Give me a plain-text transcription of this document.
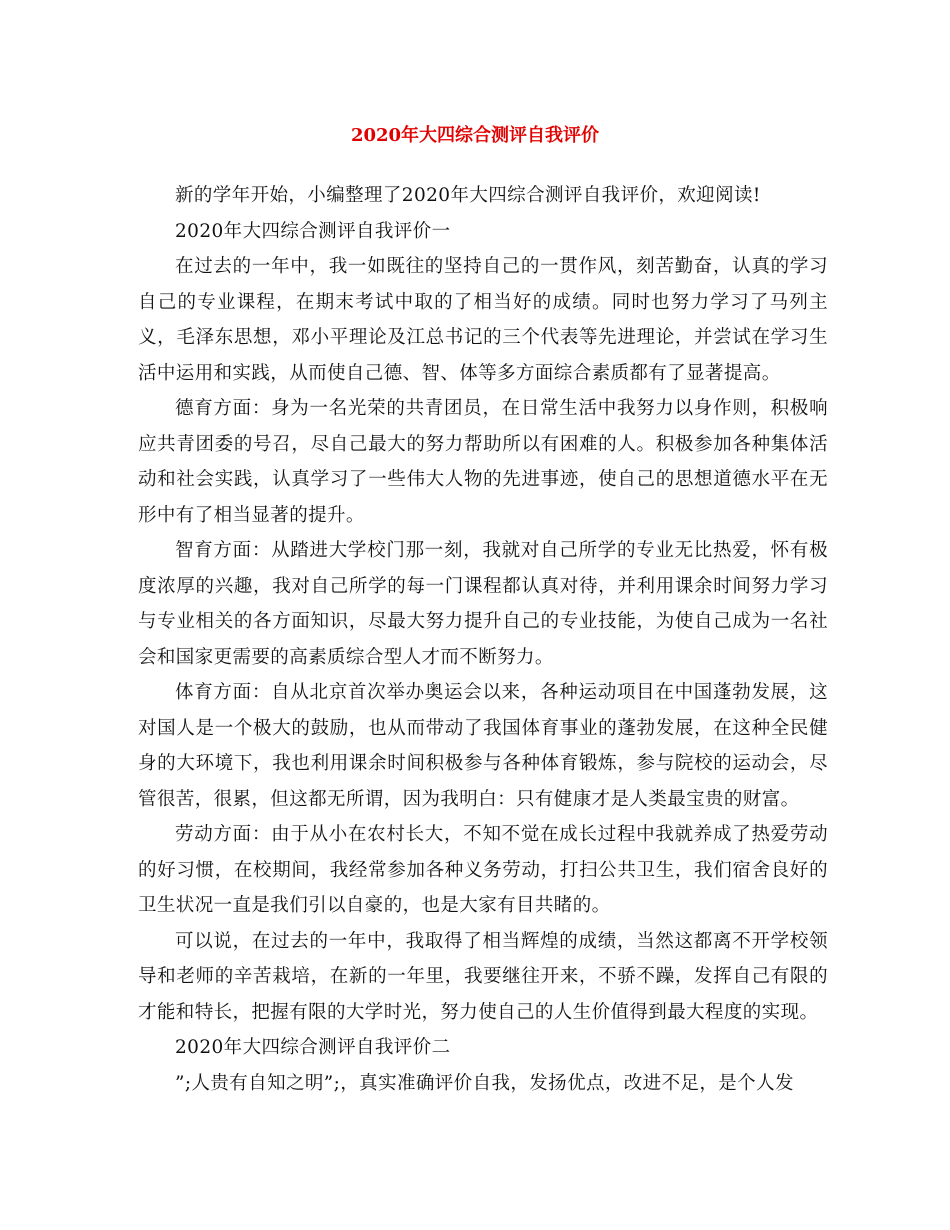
2020年大四综合测评自我评价

新的学年开始，小编整理了2020年大四综合测评自我评价，欢迎阅读!

2020年大四综合测评自我评价一

在过去的一年中，我一如既往的坚持自己的一贯作风，刻苦勤奋，认真的学习自己的专业课程，在期末考试中取的了相当好的成绩。同时也努力学习了马列主义，毛泽东思想，邓小平理论及江总书记的三个代表等先进理论，并尝试在学习生活中运用和实践，从而使自己德、智、体等多方面综合素质都有了显著提高。

德育方面：身为一名光荣的共青团员，在日常生活中我努力以身作则，积极响应共青团委的号召，尽自己最大的努力帮助所以有困难的人。积极参加各种集体活动和社会实践，认真学习了一些伟大人物的先进事迹，使自己的思想道德水平在无形中有了相当显著的提升。

智育方面：从踏进大学校门那一刻，我就对自己所学的专业无比热爱，怀有极度浓厚的兴趣，我对自己所学的每一门课程都认真对待，并利用课余时间努力学习与专业相关的各方面知识，尽最大努力提升自己的专业技能，为使自己成为一名社会和国家更需要的高素质综合型人才而不断努力。

体育方面：自从北京首次举办奥运会以来，各种运动项目在中国蓬勃发展，这对国人是一个极大的鼓励，也从而带动了我国体育事业的蓬勃发展，在这种全民健身的大环境下，我也利用课余时间积极参与各种体育锻炼，参与院校的运动会，尽管很苦，很累，但这都无所谓，因为我明白：只有健康才是人类最宝贵的财富。

劳动方面：由于从小在农村长大，不知不觉在成长过程中我就养成了热爱劳动的好习惯，在校期间，我经常参加各种义务劳动，打扫公共卫生，我们宿舍良好的卫生状况一直是我们引以自豪的，也是大家有目共睹的。

可以说，在过去的一年中，我取得了相当辉煌的成绩，当然这都离不开学校领导和老师的辛苦栽培，在新的一年里，我要继往开来，不骄不躁，发挥自己有限的才能和特长，把握有限的大学时光，努力使自己的人生价值得到最大程度的实现。

2020年大四综合测评自我评价二

”;人贵有自知之明”;，真实准确评价自我，发扬优点，改进不足，是个人发
